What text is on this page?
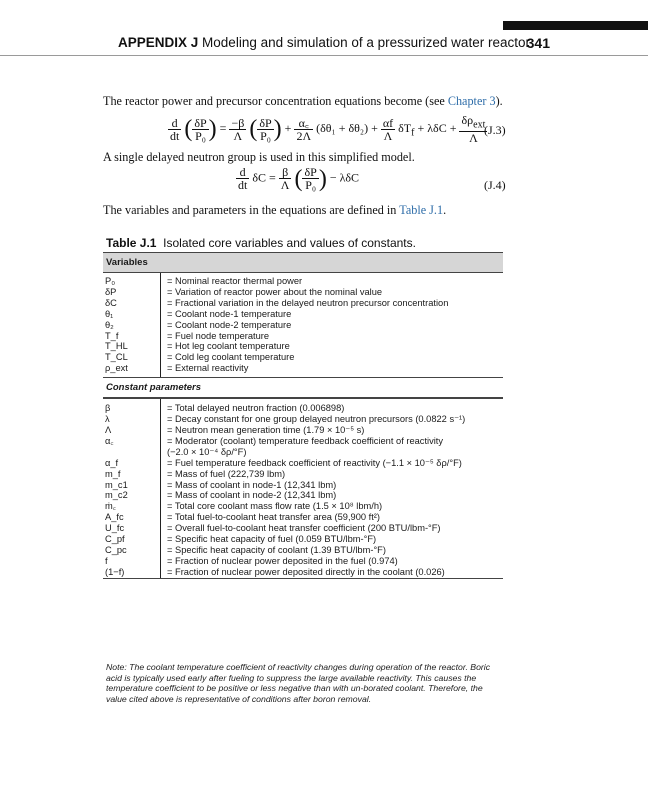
APPENDIX J Modeling and simulation of a pressurized water reactor
341
The reactor power and precursor concentration equations become (see Chapter 3).
$\frac{d}{dt}$ ( $\frac{\delta P}{\text{P₀}}$ ) = $\frac{-\beta}{\Lambda}$ ( $\frac{\delta P}{\text{P₀}}$ ) + $\frac{\alpha꜀}{2\Lambda} (\delta\theta_1 + \delta\theta_2) + \frac{\alpha f}{\Lambda} \delta T_f + \lambda\delta C + \frac{\delta\rho_{ext}}{\Lambda}$
(J.3)
A single delayed neutron group is used in this simplified model.
$\frac{d}{dt}$ $\delta C = \frac{\beta}{\Lambda}$ ( $\frac{\delta P}{\text{P₀}}$ ) − λδC
(J.4)
The variables and parameters in the equations are defined in Table J.1.
Table J.1 Isolated core variables and values of constants.
Variables
P₀	= Nominal reactor thermal power
δP	= Variation of reactor power about the nominal value
δC	= Fractional variation in the delayed neutron precursor concentration
θ₁	= Coolant node-1 temperature
θ₂	= Coolant node-2 temperature
T_f	= Fuel node temperature
T_HL	= Hot leg coolant temperature
T_CL	= Cold leg coolant temperature
ρ_ext	= External reactivity
Constant parameters
β	= Total delayed neutron fraction (0.006898)
λ	= Decay constant for one group delayed neutron precursors (0.0822 s⁻¹)
Λ	= Neutron mean generation time (1.79 × 10⁻⁵ s)
α꜀	= Moderator (coolant) temperature feedback coefficient of reactivity
(−2.0 × 10⁻⁴ δρ/°F)
α_f	= Fuel temperature feedback coefficient of reactivity (−1.1 × 10⁻⁵ δρ/°F)
m_f	= Mass of fuel (222,739 lbm)
m_c1	= Mass of coolant in node-1 (12,341 lbm)
m_c2	= Mass of coolant in node-2 (12,341 lbm)
ṁ꜀	= Total core coolant mass flow rate (1.5 × 10⁸ lbm/h)
A_fc	= Total fuel-to-coolant heat transfer area (59,900 ft²)
U_fc	= Overall fuel-to-coolant heat transfer coefficient (200 BTU/lbm-°F)
C_pf	= Specific heat capacity of fuel (0.059 BTU/lbm-°F)
C_pc	= Specific heat capacity of coolant (1.39 BTU/lbm-°F)
f	= Fraction of nuclear power deposited in the fuel (0.974)
(1−f)	= Fraction of nuclear power deposited directly in the coolant (0.026)
Note: The coolant temperature coefficient of reactivity changes during operation of the reactor. Boric acid is typically used early after fueling to suppress the large available reactivity. This causes the temperature coefficient to be positive or less negative than with un-borated coolant. Therefore, the value cited above is representative of conditions after boron removal.
